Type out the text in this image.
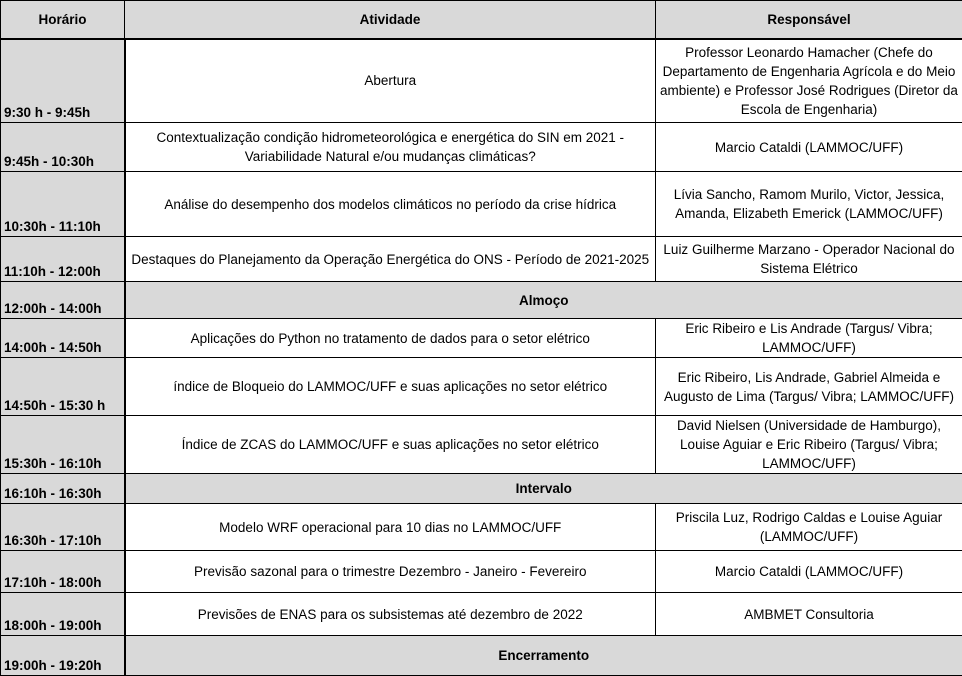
Horário	Atividade	Responsável
9:30 h - 9:45h	Abertura	Professor Leonardo Hamacher (Chefe do Departamento de Engenharia Agrícola e do Meio ambiente) e Professor José Rodrigues (Diretor da Escola de Engenharia)
9:45h - 10:30h	Contextualização condição hidrometeorológica e energética do SIN em 2021 - Variabilidade Natural e/ou mudanças climáticas?	Marcio Cataldi (LAMMOC/UFF)
10:30h - 11:10h	Análise do desempenho dos modelos climáticos no período da crise hídrica	Lívia Sancho, Ramom Murilo, Victor, Jessica, Amanda, Elizabeth Emerick (LAMMOC/UFF)
11:10h - 12:00h	Destaques do Planejamento da Operação Energética do ONS - Período de 2021-2025	Luiz Guilherme Marzano - Operador Nacional do Sistema Elétrico
12:00h - 14:00h	Almoço	
14:00h - 14:50h	Aplicações do Python no tratamento de dados para o setor elétrico	Eric Ribeiro e Lis Andrade (Targus/ Vibra; LAMMOC/UFF)
14:50h - 15:30 h	índice de Bloqueio do LAMMOC/UFF e suas aplicações no setor elétrico	Eric Ribeiro, Lis Andrade, Gabriel Almeida e Augusto de Lima (Targus/ Vibra; LAMMOC/UFF)
15:30h - 16:10h	Índice de ZCAS do LAMMOC/UFF e suas aplicações no setor elétrico	David Nielsen (Universidade de Hamburgo), Louise Aguiar e Eric Ribeiro (Targus/ Vibra; LAMMOC/UFF)
16:10h - 16:30h	Intervalo	
16:30h - 17:10h	Modelo WRF operacional para 10 dias no LAMMOC/UFF	Priscila Luz, Rodrigo Caldas e Louise Aguiar (LAMMOC/UFF)
17:10h - 18:00h	Previsão sazonal para o trimestre Dezembro - Janeiro - Fevereiro	Marcio Cataldi (LAMMOC/UFF)
18:00h - 19:00h	Previsões de ENAS para os subsistemas até dezembro de 2022	AMBMET Consultoria
19:00h - 19:20h	Encerramento	
